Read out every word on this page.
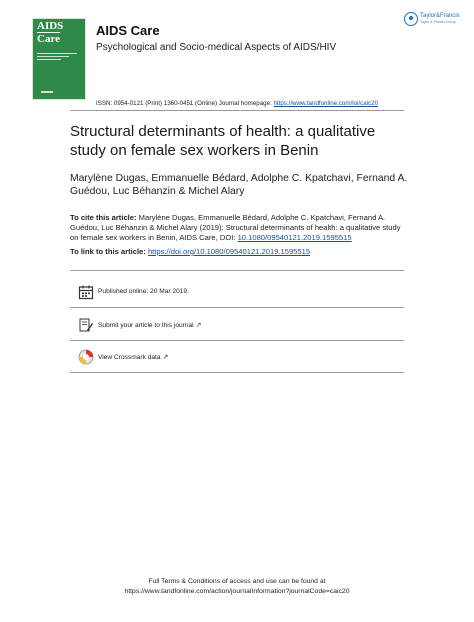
AIDS
Care
AIDS Care
Psychological and Socio-medical Aspects of AIDS/HIV
ISSN: 0954-0121 (Print) 1360-0451 (Online) Journal homepage: https://www.tandfonline.com/loi/caic20
Taylor&Francis
Taylor & Francis Group
Structural determinants of health: a qualitative study on female sex workers in Benin
Marylène Dugas, Emmanuelle Bédard, Adolphe C. Kpatchavi, Fernand A. Guédou, Luc Béhanzin & Michel Alary
To cite this article: Marylène Dugas, Emmanuelle Bédard, Adolphe C. Kpatchavi, Fernand A. Guédou, Luc Béhanzin & Michel Alary (2019): Structural determinants of health: a qualitative study on female sex workers in Benin, AIDS Care, DOI: 10.1080/09540121.2019.1595515
To link to this article: https://doi.org/10.1080/09540121.2019.1595515
Published online: 20 Mar 2019.
Submit your article to this journal ↗
View Crossmark data ↗
Full Terms & Conditions of access and use can be found at
https://www.tandfonline.com/action/journalInformation?journalCode=caic20
